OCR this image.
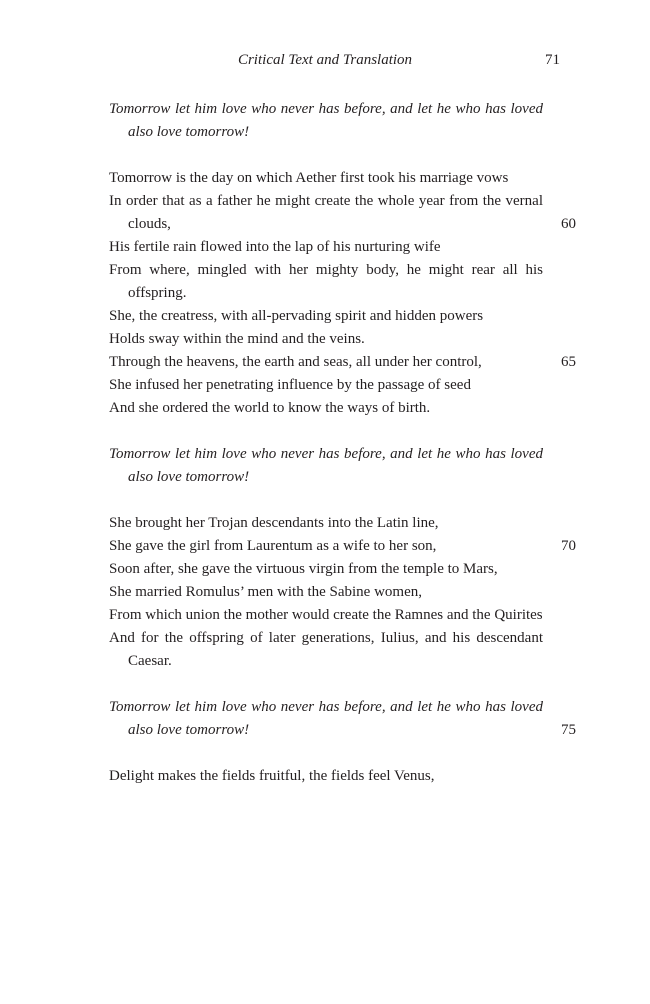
Critical Text and Translation	71
Tomorrow let him love who never has before, and let he who has loved also love tomorrow!
Tomorrow is the day on which Aether first took his marriage vows
In order that as a father he might create the whole year from the vernal clouds,	60
His fertile rain flowed into the lap of his nurturing wife
From where, mingled with her mighty body, he might rear all his offspring.
She, the creatress, with all-pervading spirit and hidden powers
Holds sway within the mind and the veins.
Through the heavens, the earth and seas, all under her control,	65
She infused her penetrating influence by the passage of seed
And she ordered the world to know the ways of birth.
Tomorrow let him love who never has before, and let he who has loved also love tomorrow!
She brought her Trojan descendants into the Latin line,
She gave the girl from Laurentum as a wife to her son,	70
Soon after, she gave the virtuous virgin from the temple to Mars,
She married Romulus’ men with the Sabine women,
From which union the mother would create the Ramnes and the Quirites
And for the offspring of later generations, Iulius, and his descendant Caesar.
Tomorrow let him love who never has before, and let he who has loved also love tomorrow!	75
Delight makes the fields fruitful, the fields feel Venus,
